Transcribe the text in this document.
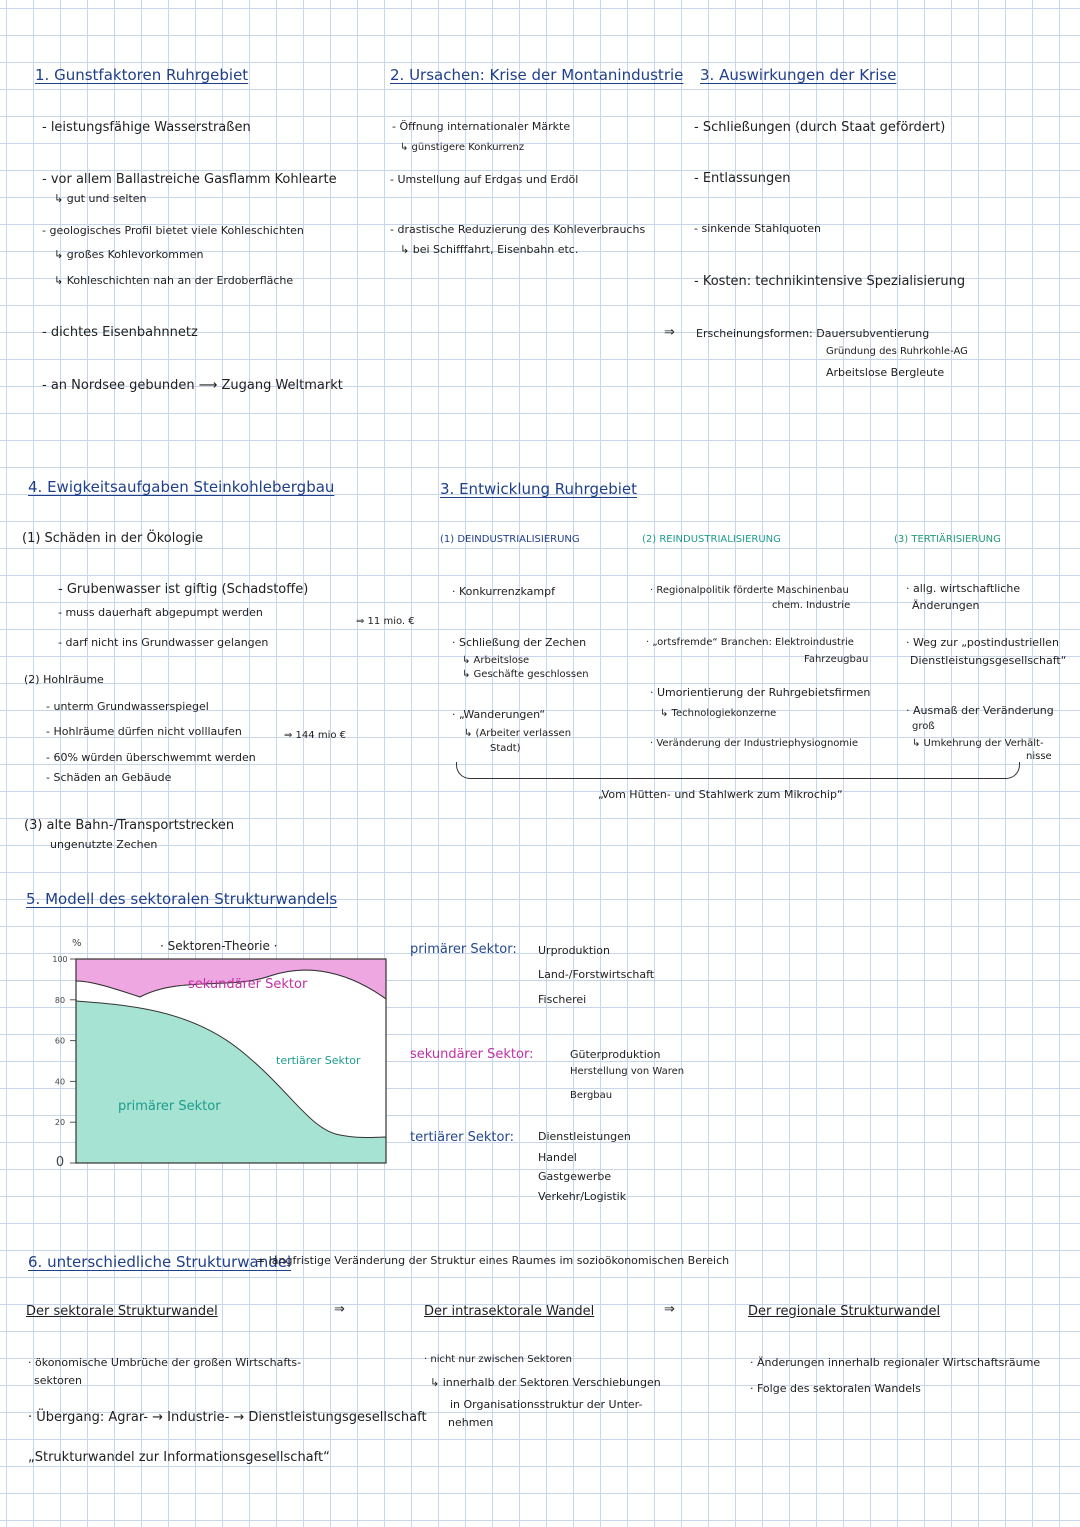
1. Gunstfaktoren Ruhrgebiet
- leistungsfähige Wasserstraßen
- vor allem Ballastreiche Gasflamm Kohlearte
↳ gut und selten
- geologisches Profil bietet viele Kohleschichten
↳ großes Kohlevorkommen
↳ Kohleschichten nah an der Erdoberfläche
- dichtes Eisenbahnnetz
- an Nordsee gebunden ⟶ Zugang Weltmarkt
2. Ursachen: Krise der Montanindustrie
- Öffnung internationaler Märkte
↳ günstigere Konkurrenz
- Umstellung auf Erdgas und Erdöl
- drastische Reduzierung des Kohleverbrauchs
↳ bei Schifffahrt, Eisenbahn etc.
3. Auswirkungen der Krise
- Schließungen (durch Staat gefördert)
- Entlassungen
- sinkende Stahlquoten
- Kosten: technikintensive Spezialisierung
⇒ Erscheinungsformen: Dauersubventierung
Gründung des Ruhrkohle-AG
Arbeitslose Bergleute
4. Ewigkeitsaufgaben Steinkohlebergbau
(1) Schäden in der Ökologie
- Grubenwasser ist giftig (Schadstoffe)
- muss dauerhaft abgepumpt werden
- darf nicht ins Grundwasser gelangen
⇒ 11 mio. €
(2) Hohlräume
- unterm Grundwasserspiegel
- Hohlräume dürfen nicht volllaufen	⇒ 144 mio €
- 60% würden überschwemmt werden
- Schäden an Gebäude
(3) alte Bahn-/Transportstrecken
ungenutzte Zechen
3. Entwicklung Ruhrgebiet
(1) DEINDUSTRIALISIERUNG	(2) REINDUSTRIALISIERUNG	(3) TERTIÄRISIERUNG
· Konkurrenzkampf
· Schließung der Zechen
↳ Arbeitslose
↳ Geschäfte geschlossen
· „Wanderungen“
↳ (Arbeiter verlassen
Stadt)
· Regionalpolitik förderte Maschinenbau
chem. Industrie
· „ortsfremde“ Branchen: Elektroindustrie
Fahrzeugbau
· Umorientierung der Ruhrgebietsfirmen
↳ Technologiekonzerne
· Veränderung der Industriephysiognomie
· allg. wirtschaftliche
Änderungen
· Weg zur „postindustriellen
Dienstleistungsgesellschaft“
· Ausmaß der Veränderung
groß
↳ Umkehrung der Verhält-
nisse
„Vom Hütten- und Stahlwerk zum Mikrochip“
5. Modell des sektoralen Strukturwandels
%	· Sektoren-Theorie ·
100
80
60
40
20
0
sekundärer Sektor
tertiärer Sektor
primärer Sektor
primärer Sektor: Urproduktion
Land-/Forstwirtschaft
Fischerei
sekundärer Sektor:	Güterproduktion
Herstellung von Waren
Bergbau
tertiärer Sektor: Dienstleistungen
Handel
Gastgewerbe
Verkehr/Logistik
6. unterschiedliche Strukturwandel
= langfristige Veränderung der Struktur eines Raumes im sozioökonomischen Bereich
Der sektorale Strukturwandel	⇒	Der intrasektorale Wandel	⇒	Der regionale Strukturwandel
· ökonomische Umbrüche der großen Wirtschafts-
sektoren
· Übergang: Agrar- → Industrie- → Dienstleistungsgesellschaft
„Strukturwandel zur Informationsgesellschaft“
· nicht nur zwischen Sektoren
↳ innerhalb der Sektoren Verschiebungen
in Organisationsstruktur der Unter-
nehmen
· Änderungen innerhalb regionaler Wirtschaftsräume
· Folge des sektoralen Wandels
